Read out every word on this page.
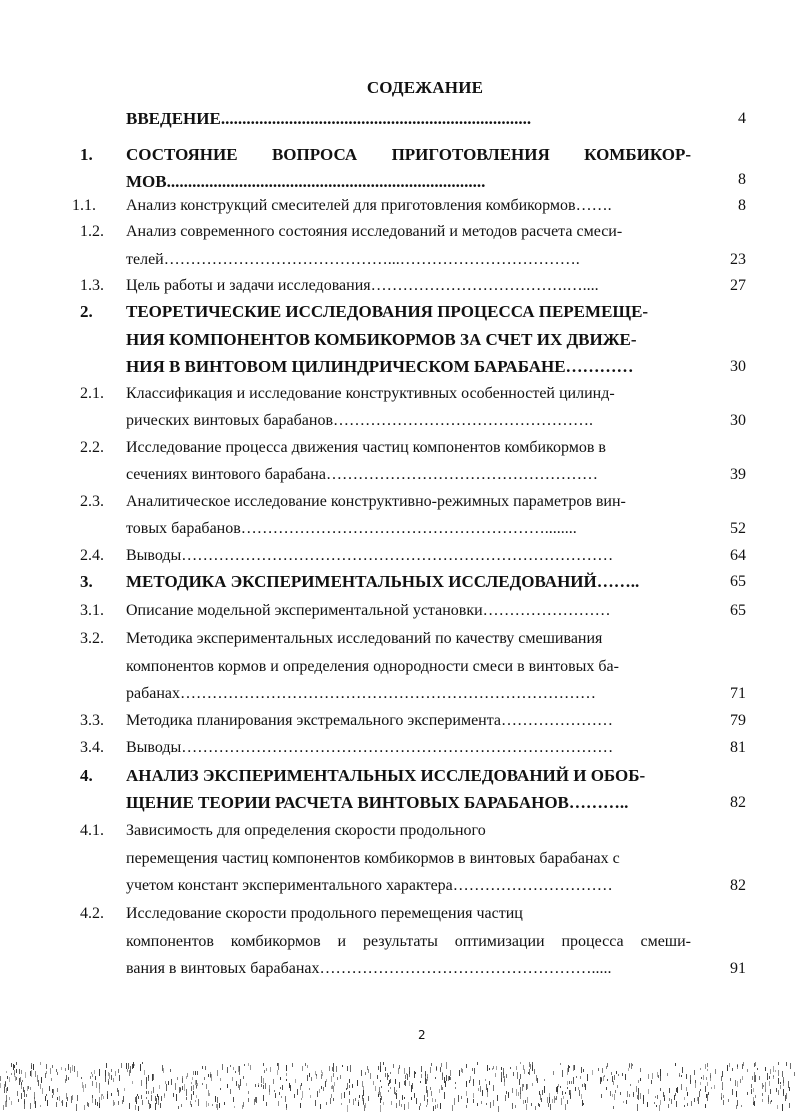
СОДЕЖАНИЕ
ВВЕДЕНИЕ.........................................................................	4
1. СОСТОЯНИЕ ВОПРОСА ПРИГОТОВЛЕНИЯ КОМБИКОР-
МОВ...........................................................................	8
1.1. Анализ конструкций смесителей для приготовления комбикормов…….	8
1.2. Анализ современного состояния исследований и методов расчета смеси-
телей……………………………………...…………………………….	23
1.3. Цель работы и задачи исследования……………………………….…....	27
2. ТЕОРЕТИЧЕСКИЕ ИССЛЕДОВАНИЯ ПРОЦЕССА ПЕРЕМЕЩЕ-
НИЯ КОМПОНЕНТОВ КОМБИКОРМОВ ЗА СЧЕТ ИХ ДВИЖЕ-
НИЯ В ВИНТОВОМ ЦИЛИНДРИЧЕСКОМ БАРАБАНЕ…………	30
2.1. Классификация и исследование конструктивных особенностей цилинд-
рических винтовых барабанов………………………………………….	30
2.2. Исследование процесса движения частиц компонентов комбикормов в
сечениях винтового барабана……………………………………………	39
2.3. Аналитическое исследование конструктивно-режимных параметров вин-
товых барабанов…………………………………………………........	52
2.4. Выводы………………………………………………………………………	64
3. МЕТОДИКА ЭКСПЕРИМЕНТАЛЬНЫХ ИССЛЕДОВАНИЙ……..	65
3.1. Описание модельной экспериментальной установки……………………	65
3.2. Методика экспериментальных исследований по качеству смешивания
компонентов кормов и определения однородности смеси в винтовых ба-
рабанах……………………………………………………………………	71
3.3. Методика планирования экстремального эксперимента…………………	79
3.4. Выводы………………………………………………………………………	81
4. АНАЛИЗ ЭКСПЕРИМЕНТАЛЬНЫХ ИССЛЕДОВАНИЙ И ОБОБ-
ЩЕНИЕ ТЕОРИИ РАСЧЕТА ВИНТОВЫХ БАРАБАНОВ………..	82
4.1. Зависимость для определения скорости продольного
перемещения частиц компонентов комбикормов в винтовых барабанах с
учетом констант экспериментального характера…………………………	82
4.2. Исследование скорости продольного перемещения частиц
компонентов комбикормов и результаты оптимизации процесса смеши-
вания в винтовых барабанах…………………………………………….....	91
2
